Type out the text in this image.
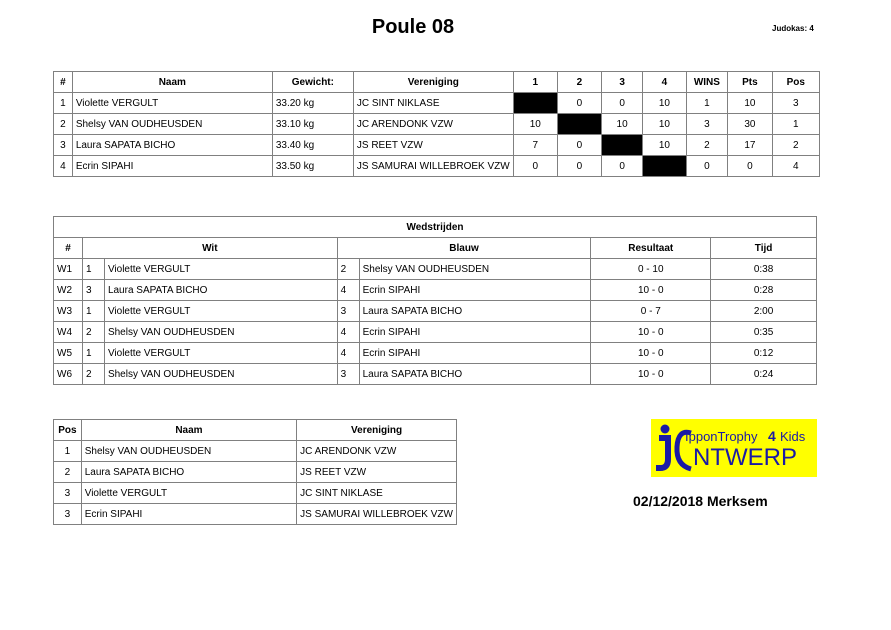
Poule 08	Judokas: 4
#	Naam	Gewicht:	Vereniging	1	2	3	4	WINS	Pts	Pos
1	Violette VERGULT	33.20 kg	JC SINT NIKLASE		0	0	10	1	10	3
2	Shelsy VAN OUDHEUSDEN	33.10 kg	JC ARENDONK VZW	10		10	10	3	30	1
3	Laura SAPATA BICHO	33.40 kg	JS REET VZW	7	0		10	2	17	2
4	Ecrin SIPAHI	33.50 kg	JS SAMURAI WILLEBROEK VZW	0	0	0		0	0	4
Wedstrijden						
#	Wit		Blauw		Resultaat	Tijd
W1	1	Violette VERGULT	2	Shelsy VAN OUDHEUSDEN	0 - 10	0:38
W2	3	Laura SAPATA BICHO	4	Ecrin SIPAHI	10 - 0	0:28
W3	1	Violette VERGULT	3	Laura SAPATA BICHO	0 - 7	2:00
W4	2	Shelsy VAN OUDHEUSDEN	4	Ecrin SIPAHI	10 - 0	0:35
W5	1	Violette VERGULT	4	Ecrin SIPAHI	10 - 0	0:12
W6	2	Shelsy VAN OUDHEUSDEN	3	Laura SAPATA BICHO	10 - 0	0:24
Pos	Naam	Vereniging
1	Shelsy VAN OUDHEUSDEN	JC ARENDONK VZW
2	Laura SAPATA BICHO	JS REET VZW
3	Violette VERGULT	JC SINT NIKLASE
3	Ecrin SIPAHI	JS SAMURAI WILLEBROEK VZW
IpponTrophy 4 Kids
NTWERP
02/12/2018 Merksem
